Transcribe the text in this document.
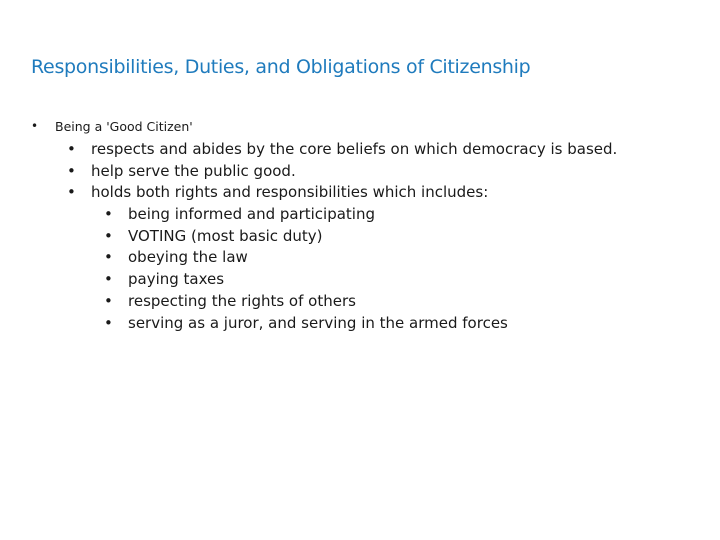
Responsibilities, Duties, and Obligations of Citizenship
•	Being a 'Good Citizen'
• respects and abides by the core beliefs on which democracy is based.
• help serve the public good.
• holds both rights and responsibilities which includes:
• being informed and participating
• VOTING (most basic duty)
• obeying the law
• paying taxes
• respecting the rights of others
• serving as a juror, and serving in the armed forces
